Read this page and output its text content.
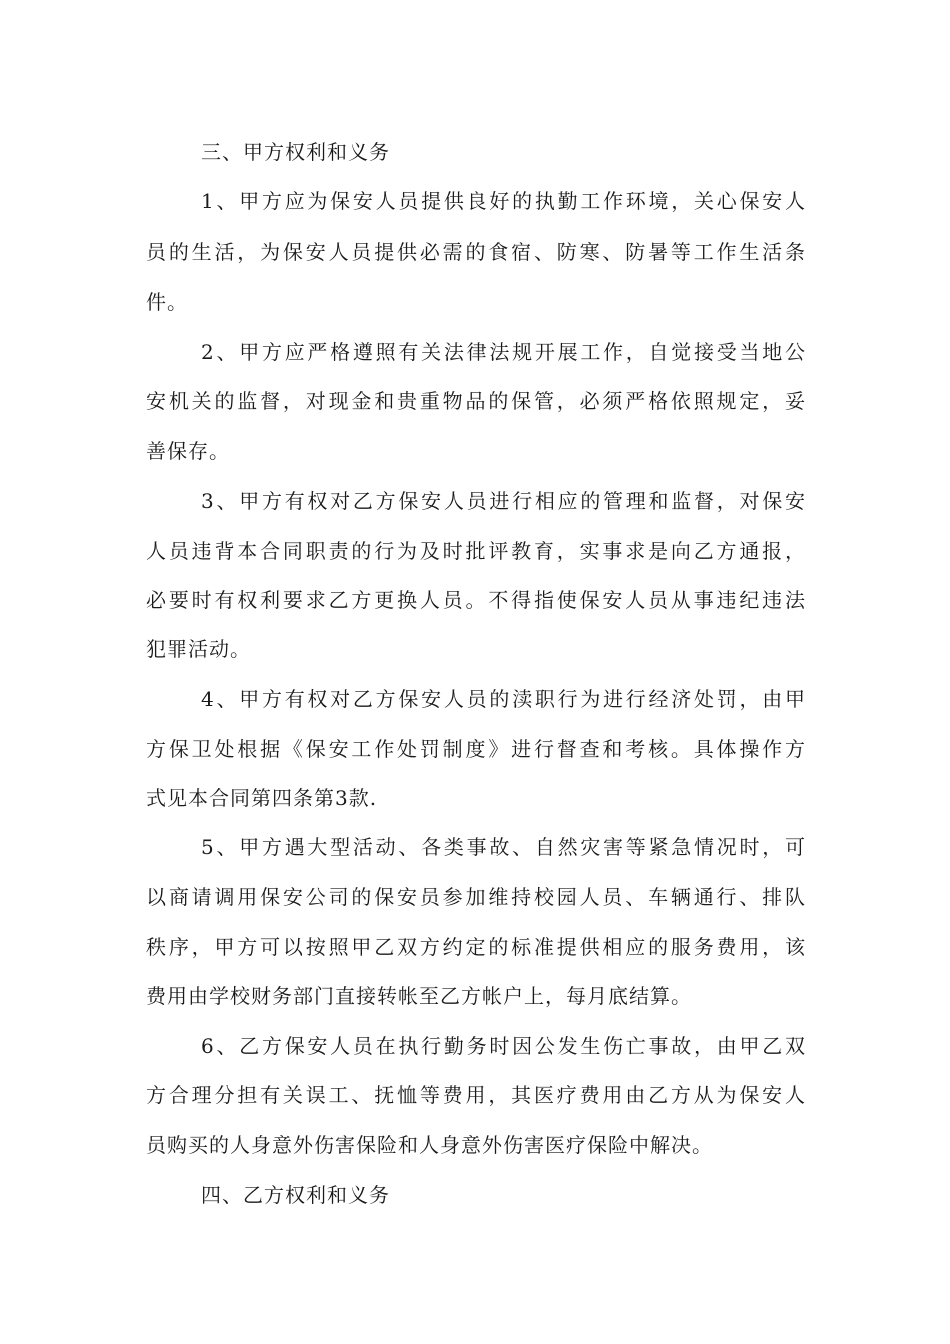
三、甲方权利和义务

1、甲方应为保安人员提供良好的执勤工作环境，关心保安人

员的生活，为保安人员提供必需的食宿、防寒、防暑等工作生活条

件。

2、甲方应严格遵照有关法律法规开展工作，自觉接受当地公

安机关的监督，对现金和贵重物品的保管，必须严格依照规定，妥

善保存。

3、甲方有权对乙方保安人员进行相应的管理和监督，对保安

人员违背本合同职责的行为及时批评教育，实事求是向乙方通报，

必要时有权利要求乙方更换人员。不得指使保安人员从事违纪违法

犯罪活动。

4、甲方有权对乙方保安人员的渎职行为进行经济处罚，由甲

方保卫处根据《保安工作处罚制度》进行督查和考核。具体操作方

式见本合同第四条第3款.

5、甲方遇大型活动、各类事故、自然灾害等紧急情况时，可

以商请调用保安公司的保安员参加维持校园人员、车辆通行、排队

秩序，甲方可以按照甲乙双方约定的标准提供相应的服务费用，该

费用由学校财务部门直接转帐至乙方帐户上，每月底结算。

6、乙方保安人员在执行勤务时因公发生伤亡事故，由甲乙双

方合理分担有关误工、抚恤等费用，其医疗费用由乙方从为保安人

员购买的人身意外伤害保险和人身意外伤害医疗保险中解决。

四、乙方权利和义务
